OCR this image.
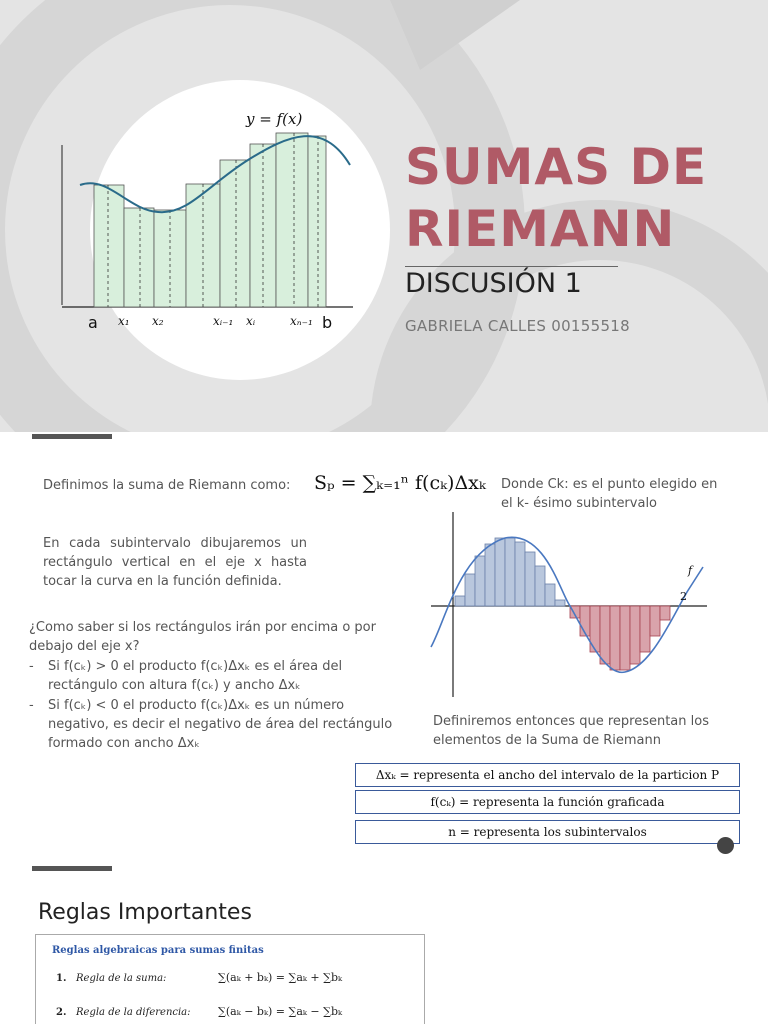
y = f(x)
a x₁ x₂	xᵢ₋₁ xᵢ	xₙ₋₁ b
SUMAS DE
RIEMANN
DISCUSIÓN 1
GABRIELA CALLES 00155518
Definimos la suma de Riemann como:	Sₚ = ∑ₖ₌₁ⁿ f(cₖ)Δxₖ Donde Ck: es el punto elegido en el k- ésimo subintervalo
En cada subintervalo dibujaremos un rectángulo vertical en el eje x hasta tocar la curva en la función definida.
¿Como saber si los rectángulos irán por encima o por debajo del eje x?
-	Si f(cₖ) > 0 el producto f(cₖ)Δxₖ es el área del rectángulo con altura f(cₖ) y ancho Δxₖ
-	Si f(cₖ) < 0 el producto f(cₖ)Δxₖ es un número negativo, es decir el negativo de área del rectángulo formado con ancho Δxₖ
f
2
Definiremos entonces que representan los elementos de la Suma de Riemann
Δxₖ = representa el ancho del intervalo de la particion P
f(cₖ) = representa la función graficada
n = representa los subintervalos
Reglas Importantes
Reglas algebraicas para sumas finitas
1. Regla de la suma:	∑(aₖ + bₖ) = ∑aₖ + ∑bₖ
2. Regla de la diferencia: ∑(aₖ − bₖ) = ∑aₖ − ∑bₖ
